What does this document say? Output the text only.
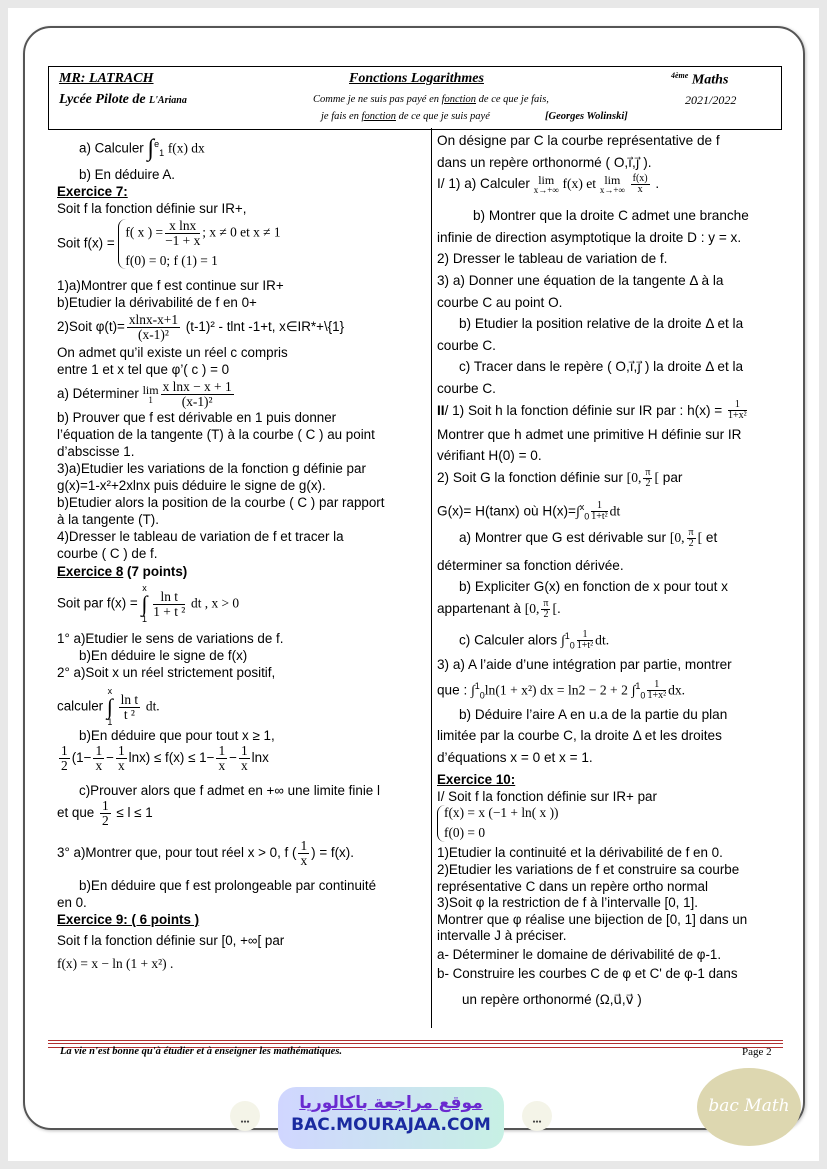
MR: LATRACH
Lycée Pilote de L'Ariana
Fonctions Logarithmes
Comme je ne suis pas payé en fonction de ce que je fais,
je fais en fonction de ce que je suis payé	[Georges Wolinski]
$^{4ème}$ Maths
2021/2022

a) Calculer ∫$^e_1$ f(x) dx

b) En déduire A.

Exercice 7:

Soit f la fonction définie sur IR+,

Soit f(x) =
f( x ) = $\frac{\text{x lnx}}{-1 + x}$ ; x ≠ 0 et x ≠ 1
f(0) = 0; f (1) = 1

1)a)Montrer que f est continue sur IR+

b)Etudier la dérivabilité de f en 0+

2)Soit $\varphi(t)= \frac{xlnx-x+1}{\text{(x-1)²}} (t-1)^2 - tlnt$ -1+t, x∈IR*+\{1}

On admet qu’il existe un réel c compris

entre 1 et x tel que φ’( c ) = 0

a) Déterminer lim
$1 \frac{\text{x lnx − x + 1}}{\text{(x-1)²}}$

b) Prouver que f est dérivable en 1 puis donner

l’équation de la tangente (T) à la courbe ( C ) au point

d’abscisse 1.

3)a)Etudier les variations de la fonction g définie par

g(x)=1-x²+2xlnx puis déduire le signe de g(x).

b)Etudier alors la position de la courbe ( C ) par rapport

à la tangente (T).

4)Dresser le tableau de variation de f et tracer la

courbe ( C ) de f.

Exercice 8 (7 points)

Soit par f(x) =
x
∫
1

$\frac{\text{ln t}}{\text{1 + t ²}}$ dt , x > 0

1° a)Etudier le sens de variations de f.

b)En déduire le signe de f(x)

2° a)Soit x un réel strictement positif,

calculer
x
∫
1

$\frac{\text{ln t}}{\text{t ²}}$ dt.

b)En déduire que pour tout x ≥ 1,

$\frac{1}{2} (1- \frac{1}{x} - \frac{1}{x} \ln x) \le f(x) \le 1- \frac{1}{x} - \frac{1}{x}$ lnx

c)Prouver alors que f admet en +∞ une limite finie l

et que $\frac{1}{2} \le l \le 1$
3° a)Montrer que, pour tout réel x > 0, f ( $\frac{1}{x}$ ) = f(x).

b)En déduire que f est prolongeable par continuité

en 0.

Exercice 9: ( 6 points )

Soit f la fonction définie sur [0, +∞[ par

f(x) = x − ln (1 + x²) .

On désigne par C la courbe représentative de f

dans un repère orthonormé ( O,i⃗,j⃗ ).

I/ 1) a) Calculer lim
x→+∞ f(x) et lim
x→+∞
$\frac{f(x)}{x}$ .

b) Montrer que la droite C admet une branche

infinie de direction asymptotique la droite D : y = x.

2) Dresser le tableau de variation de f.

3) a) Donner une équation de la tangente Δ à la

courbe C au point O.

b) Etudier la position relative de la droite Δ et la

courbe C.

c) Tracer dans le repère ( O,i⃗,j⃗ ) la droite Δ et la

courbe C.

II/ 1) Soit h la fonction définie sur IR par : $h(x) = \frac{1}{\text{1+x²}}$

Montrer que h admet une primitive H définie sur IR

vérifiant H(0) = 0.

2) Soit G la fonction définie sur [0, $\frac{\pi}{2}$ [ par
G(x)= H(tanx) où $H(x)=\int^x_0 \frac{1}{\text{1+t²}}$ dt
a) Montrer que G est dérivable sur [0, $\frac{\pi}{2}$ [ et

déterminer sa fonction dérivée.

b) Expliciter G(x) en fonction de x pour tout x

appartenant à [0, $\frac{\pi}{2}$ [.
c) Calculer alors $\int^1_0 \frac{1}{\text{1+t²}}$ dt.

3) a) A l’aide d’une intégration par partie, montrer

que : ∫$^1_0$ln(1 + x²) dx = ln2 − 2 + 2 $\int^1_0 \frac{1}{\text{1+x²}}$ dx.

b) Déduire l’aire A en u.a de la partie du plan

limitée par la courbe C, la droite Δ et les droites

d’équations x = 0 et x = 1.

Exercice 10:

I/ Soit f la fonction définie sur IR+ par

f(x) = x (−1 + ln( x ))
f(0) = 0

1)Etudier la continuité et la dérivabilité de f en 0.

2)Etudier les variations de f et construire sa courbe

représentative C dans un repère ortho normal

3)Soit φ la restriction de f à l’intervalle [0, 1].

Montrer que φ réalise une bijection de [0, 1] dans un

intervalle J à préciser.

a- Déterminer le domaine de dérivabilité de φ-1.

b- Construire les courbes C de φ et C' de φ-1 dans

un repère orthonormé (Ω,u⃗,v⃗ )

La vie n'est bonne qu'à étudier et à enseigner les mathématiques.	Page 2
●●●
موقع مراجعة باكالوريا
BAC.MOURAJAA.COM	●●●
bac Math
